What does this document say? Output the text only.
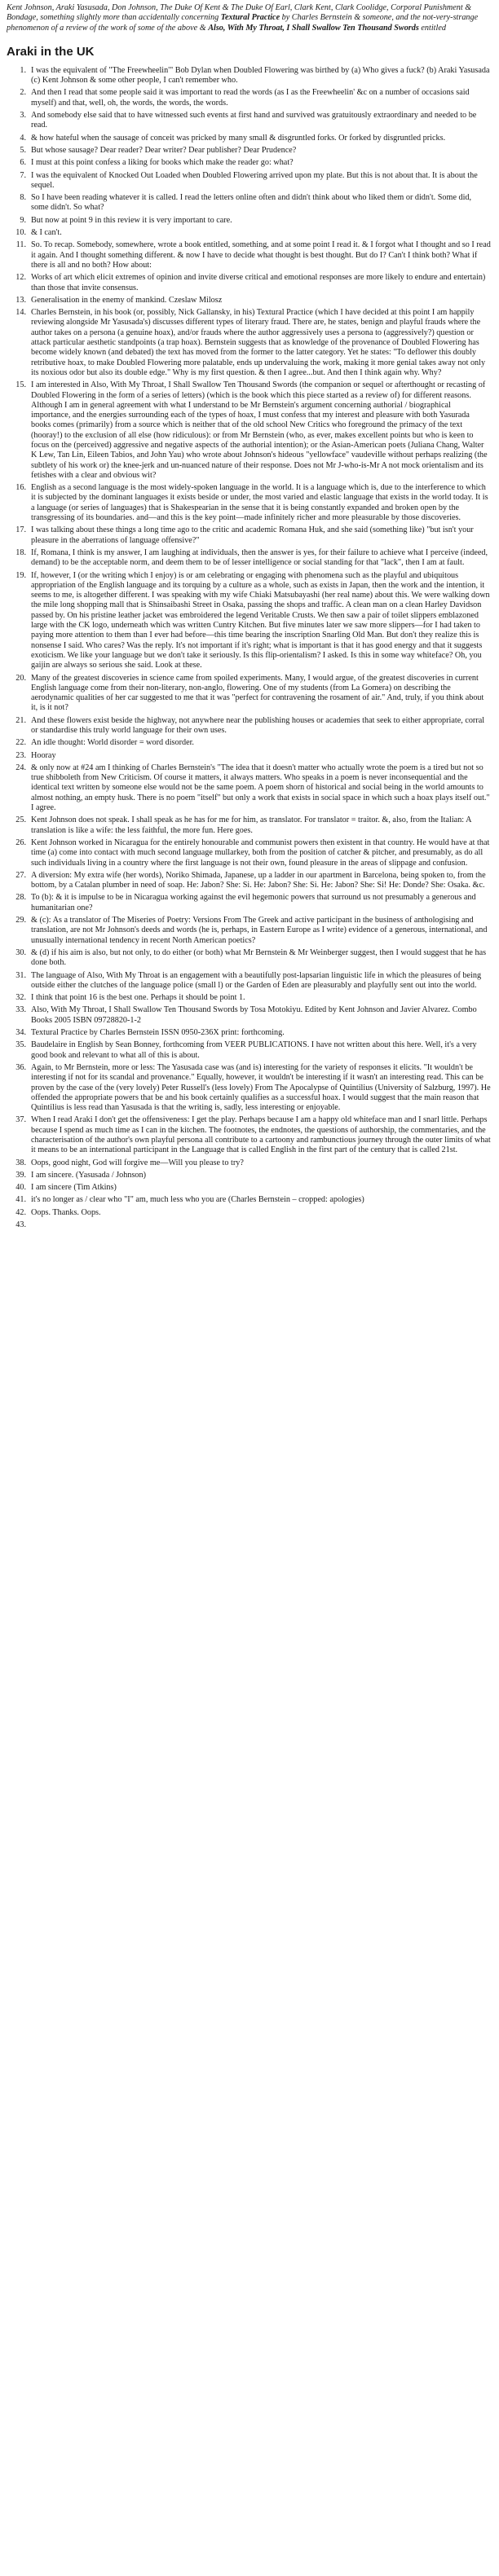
Kent Johnson, Araki Yasusada, Don Johnson, The Duke Of Kent & The Duke Of Earl, Clark Kent, Clark Coolidge, Corporal Punishment & Bondage, something slightly more than accidentally concerning Textural Practice by Charles Bernstein & someone, and the not-very-strange phenomenon of a review of the work of some of the above & Also, With My Throat, I Shall Swallow Ten Thousand Swords entitled

Araki in the UK
1. I was the equivalent of "The Freewheelin'" Bob Dylan when Doubled Flowering was birthed by (a) Who gives a fuck? (b) Araki Yasusada (c) Kent Johnson & some other people, I can't remember who.
2. And then I read that some people said it was important to read the words (as I as the Freewheelin' &c on a number of occasions said myself) and that, well, oh, the words, the words, the words.
3. And somebody else said that to have witnessed such events at first hand and survived was gratuitously extraordinary and needed to be read.
4. & how hateful when the sausage of conceit was pricked by many small & disgruntled forks. Or forked by disgruntled pricks.
5. But whose sausage? Dear reader? Dear writer? Dear publisher? Dear Prudence?
6. I must at this point confess a liking for books which make the reader go: what?
7. I was the equivalent of Knocked Out Loaded when Doubled Flowering arrived upon my plate. But this is not about that. It is about the sequel.
8. So I have been reading whatever it is called. I read the letters online often and didn't think about who liked them or didn't. Some did, some didn't. So what?
9. But now at point 9 in this review it is very important to care.
10. & I can't.
11. So. To recap. Somebody, somewhere, wrote a book entitled, something, and at some point I read it. & I forgot what I thought and so I read it again. And I thought something different. & now I have to decide what thought is best thought. But do I? Can't I think both? What if there is all and no both? How about:
12. Works of art which elicit extremes of opinion and invite diverse critical and emotional responses are more likely to endure and entertain) than those that invite consensus.
13. Generalisation in the enemy of mankind. Czeslaw Milosz
14. Charles Bernstein, in his book (or, possibly, Nick Gallansky, in his) Textural Practice (which I have decided at this point I am happily reviewing alongside Mr Yasusada's) discusses different types of literary fraud. There are, he states, benign and playful frauds where the author takes on a persona (a genuine hoax), and/or frauds where the author aggressively uses a persona to (aggressively?) question or attack particular aesthetic standpoints (a trap hoax). Bernstein suggests that as knowledge of the provenance of Doubled Flowering has become widely known (and debated) the text has moved from the former to the latter category. Yet he states: "To deflower this doubly retributive hoax, to make Doubled Flowering more palatable, ends up undervaluing the work, making it more genial takes away not only its noxious odor but also its double edge." Why is my first question. & then I agree...but. And then I think again why. Why?
15. I am interested in Also, With My Throat, I Shall Swallow Ten Thousand Swords (the companion or sequel or afterthought or recasting of Doubled Flowering in the form of a series of letters) (which is the book which this piece started as a review of) for different reasons. Although I am in general agreement with what I understand to be Mr Bernstein's argument concerning authorial / biographical importance, and the energies surrounding each of the types of hoax, I must confess that my interest and pleasure with both Yasurada books comes (primarily) from a source which is neither that of the old school New Critics who foreground the primacy of the text (hooray!) to the exclusion of all else (how ridiculous): or from Mr Bernstein (who, as ever, makes excellent points but who is keen to focus on the (perceived) aggressive and negative aspects of the authorial intention); or the Asian-American poets (Juliana Chang, Walter K Lew, Tan Lin, Eileen Tabios, and John Yau) who wrote about Johnson's hideous "yellowface" vaudeville without perhaps realizing (the subtlety of his work or) the knee-jerk and un-nuanced nature of their response. Does not Mr J-who-is-Mr A not mock orientalism and its fetishes with a clear and obvious wit?
16. English as a second language is the most widely-spoken language in the world. It is a language which is, due to the interference to which it is subjected by the dominant languages it exists beside or under, the most varied and elastic language that exists in the world today. It is a language (or series of languages) that is Shakespearian in the sense that it is being constantly expanded and broken open by the transgressing of its boundaries. and—and this is the key point—made infinitely richer and more pleasurable by those discoveries.
17. I was talking about these things a long time ago to the critic and academic Romana Huk, and she said (something like) "but isn't your pleasure in the aberrations of language offensive?"
18. If, Romana, I think is my answer, I am laughing at individuals, then the answer is yes, for their failure to achieve what I perceive (indeed, demand) to be the acceptable norm, and deem them to be of lesser intelligence or social standing for that "lack", then I am at fault.
19. If, however, I (or the writing which I enjoy) is or am celebrating or engaging with phenomena such as the playful and ubiquitous appropriation of the English language and its torquing by a culture as a whole, such as exists in Japan, then the work and the intention, it seems to me, is altogether different. I was speaking with my wife Chiaki Matsubayashi (her real name) about this. We were walking down the mile long shopping mall that is Shinsaibashi Street in Osaka, passing the shops and traffic. A clean man on a clean Harley Davidson passed by. On his pristine leather jacket was embroidered the legend Veritable Crusts. We then saw a pair of toilet slippers emblazoned large with the CK logo, underneath which was written Cuntry Kitchen. But five minutes later we saw more slippers—for I had taken to paying more attention to them than I ever had before—this time bearing the inscription Snarling Old Man. But don't they realize this is nonsense I said. Who cares? Was the reply. It's not important if it's right; what is important is that it has good energy and that it suggests exoticism. We like your language but we don't take it seriously. Is this flip-orientalism? I asked. Is this in some way whiteface? Oh, you gaijin are always so serious she said. Look at these.
20. Many of the greatest discoveries in science came from spoiled experiments. Many, I would argue, of the greatest discoveries in current English language come from their non-literary, non-anglo, flowering. One of my students (from La Gomera) on describing the aerodynamic qualities of her car suggested to me that it was "perfect for contravening the rosament of air." And, truly, if you think about it, is it not?
21. And these flowers exist beside the highway, not anywhere near the publishing houses or academies that seek to either appropriate, corral or standardise this truly world language for their own uses.
22. An idle thought: World disorder = word disorder.
23. Hooray
24. & only now at #24 am I thinking of Charles Bernstein's "The idea that it doesn't matter who actually wrote the poem is a tired but not so true shibboleth from New Criticism. Of course it matters, it always matters. Who speaks in a poem is never inconsequential and the identical text written by someone else would not be the same poem. A poem shorn of historical and social being in the world amounts to almost nothing, an empty husk. There is no poem "itself" but only a work that exists in social space in which such a hoax plays itself out." I agree.
25. Kent Johnson does not speak. I shall speak as he has for me for him, as translator. For translator = traitor. &, also, from the Italian: A translation is like a wife: the less faithful, the more fun. Here goes.
26. Kent Johnson worked in Nicaragua for the entirely honourable and communist powers then existent in that country. He would have at that time (a) come into contact with much second language mullarkey, both from the position of catcher & pitcher, and presumably, as do all such individuals living in a country where the first language is not their own, found pleasure in the areas of slippage and confusion.
27. A diversion: My extra wife (her words), Noriko Shimada, Japanese, up a ladder in our apartment in Barcelona, being spoken to, from the bottom, by a Catalan plumber in need of soap. He: Jabon? She: Si. He: Jabon? She: Si. He: Jabon? She: Si! He: Donde? She: Osaka. &c.
28. To (b): & it is impulse to be in Nicaragua working against the evil hegemonic powers that surround us not presumably a generous and humanitarian one?
29. & (c): As a translator of The Miseries of Poetry: Versions From The Greek and active participant in the business of anthologising and translation, are not Mr Johnson's deeds and words (he is, perhaps, in Eastern Europe as I write) evidence of a generous, international, and unusually international tendency in recent North American poetics?
30. & (d) if his aim is also, but not only, to do either (or both) what Mr Bernstein & Mr Weinberger suggest, then I would suggest that he has done both.
31. The language of Also, With My Throat is an engagement with a beautifully post-lapsarian linguistic life in which the pleasures of being outside either the clutches of the language police (small l) or the Garden of Eden are pleasurably and playfully sent out into the world.
32. I think that point 16 is the best one. Perhaps it should be point 1.
33. Also, With My Throat, I Shall Swallow Ten Thousand Swords by Tosa Motokiyu. Edited by Kent Johnson and Javier Alvarez. Combo Books 2005 ISBN 09728820-1-2
34. Textural Practice by Charles Bernstein ISSN 0950-236X print: forthcoming.
35. Baudelaire in English by Sean Bonney, forthcoming from VEER PUBLICATIONS. I have not written about this here. Well, it's a very good book and relevant to what all of this is about.
36. Again, to Mr Bernstein, more or less: The Yasusada case was (and is) interesting for the variety of responses it elicits. "It wouldn't be interesting if not for its scandal and provenance." Equally, however, it wouldn't be interesting if it wasn't an interesting read. This can be proven by the case of the (very lovely) Peter Russell's (less lovely) From The Apocalypse of Quintilius (University of Salzburg, 1997). He offended the appropriate powers that be and his book certainly qualifies as a successful hoax. I would suggest that the main reason that Quintilius is less read than Yasusada is that the writing is, sadly, less interesting or enjoyable.
37. When I read Araki I don't get the offensiveness: I get the play. Perhaps because I am a happy old whiteface man and I snarl little. Perhaps because I spend as much time as I can in the kitchen. The footnotes, the endnotes, the questions of authorship, the commentaries, and the characterisation of the author's own playful persona all contribute to a cartoony and rambunctious journey through the outer limits of what it means to be an international participant in the Language that is called English in the first part of the century that is called 21st.
38. Oops, good night, God will forgive me—Will you please to try?
39. I am sincere. (Yasusada / Johnson)
40. I am sincere (Tim Atkins)
41. it's no longer as / clear who "I" am, much less who you are (Charles Bernstein – cropped: apologies)
42. Oops. Thanks. Oops.
43.
